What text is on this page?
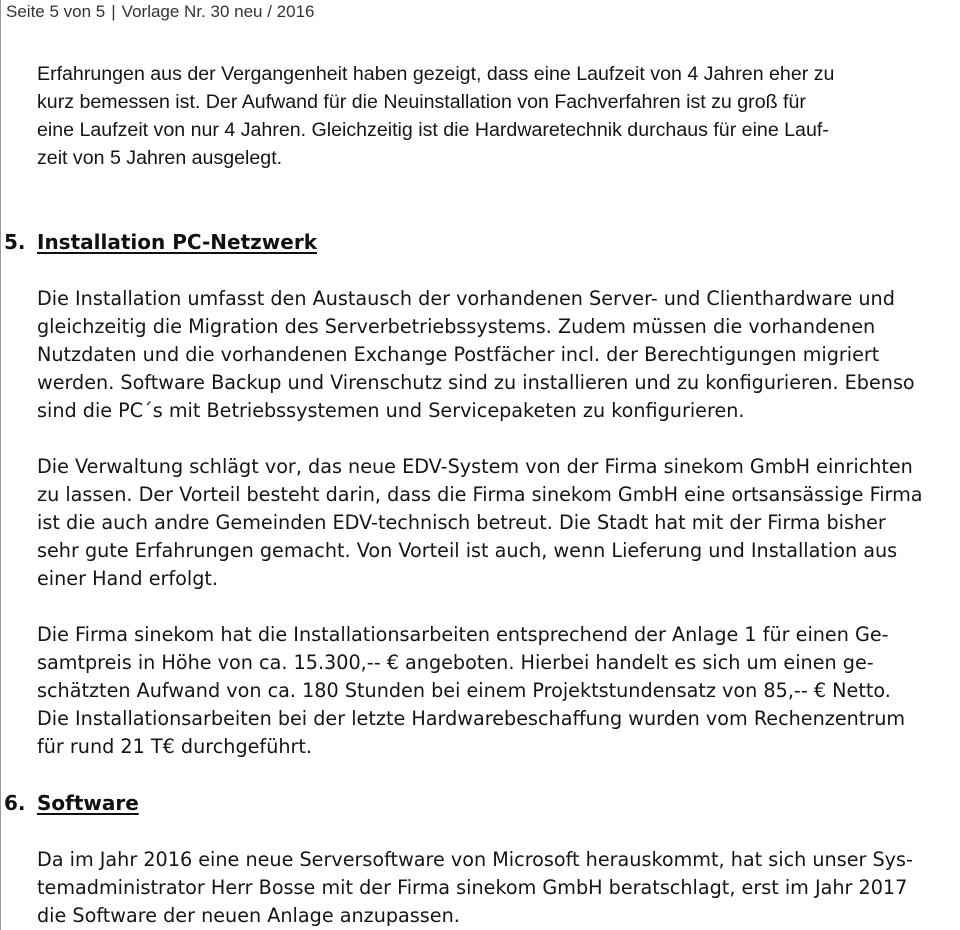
Seite 5 von 5 | Vorlage Nr. 30 neu / 2016

Erfahrungen aus der Vergangenheit haben gezeigt, dass eine Laufzeit von 4 Jahren eher zu
kurz bemessen ist. Der Aufwand für die Neuinstallation von Fachverfahren ist zu groß für
eine Laufzeit von nur 4 Jahren. Gleichzeitig ist die Hardwaretechnik durchaus für eine Lauf-
zeit von 5 Jahren ausgelegt.

5. Installation PC-Netzwerk

Die Installation umfasst den Austausch der vorhandenen Server- und Clienthardware und
gleichzeitig die Migration des Serverbetriebssystems. Zudem müssen die vorhandenen
Nutzdaten und die vorhandenen Exchange Postfächer incl. der Berechtigungen migriert
werden. Software Backup und Virenschutz sind zu installieren und zu konfigurieren. Ebenso
sind die PC´s mit Betriebssystemen und Servicepaketen zu konfigurieren.

Die Verwaltung schlägt vor, das neue EDV-System von der Firma sinekom GmbH einrichten
zu lassen. Der Vorteil besteht darin, dass die Firma sinekom GmbH eine ortsansässige Firma
ist die auch andre Gemeinden EDV-technisch betreut. Die Stadt hat mit der Firma bisher
sehr gute Erfahrungen gemacht. Von Vorteil ist auch, wenn Lieferung und Installation aus
einer Hand erfolgt.

Die Firma sinekom hat die Installationsarbeiten entsprechend der Anlage 1 für einen Ge-
samtpreis in Höhe von ca. 15.300,-- € angeboten. Hierbei handelt es sich um einen ge-
schätzten Aufwand von ca. 180 Stunden bei einem Projektstundensatz von 85,-- € Netto.
Die Installationsarbeiten bei der letzte Hardwarebeschaffung wurden vom Rechenzentrum
für rund 21 T€ durchgeführt.

6. Software

Da im Jahr 2016 eine neue Serversoftware von Microsoft herauskommt, hat sich unser Sys-
temadministrator Herr Bosse mit der Firma sinekom GmbH beratschlagt, erst im Jahr 2017
die Software der neuen Anlage anzupassen.
